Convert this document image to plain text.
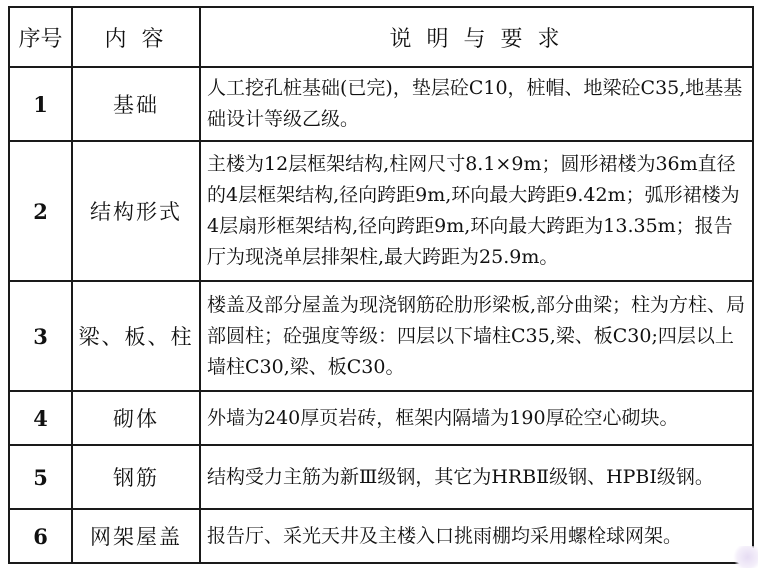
序号	内 容	说 明 与 要 求
1	基础	人工挖孔桩基础(已完)，垫层砼C10，桩帽、地梁砼C35,地基基础设计等级乙级。
2	结构形式	主楼为12层框架结构,柱网尺寸8.1×9m；圆形裙楼为36m直径的4层框架结构,径向跨距9m,环向最大跨距9.42m；弧形裙楼为4层扇形框架结构,径向跨距9m,环向最大跨距为13.35m；报告厅为现浇单层排架柱,最大跨距为25.9m。
3	梁、板、柱	楼盖及部分屋盖为现浇钢筋砼肋形梁板,部分曲梁；柱为方柱、局部圆柱；砼强度等级：四层以下墙柱C35,梁、板C30;四层以上墙柱C30,梁、板C30。
4	砌体	外墙为240厚页岩砖，框架内隔墙为190厚砼空心砌块。
5	钢筋	结构受力主筋为新Ⅲ级钢，其它为HRBⅡ级钢、HPBⅠ级钢。
6	网架屋盖	报告厅、采光天井及主楼入口挑雨棚均采用螺栓球网架。
